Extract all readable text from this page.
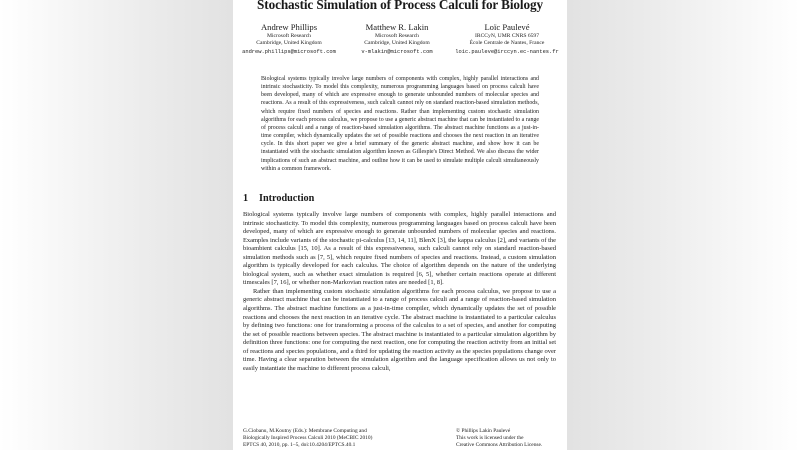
Stochastic Simulation of Process Calculi for Biology
Andrew Phillips
Microsoft Research
Cambridge, United Kingdom
andrew.phillips@microsoft.com
Matthew R. Lakin
Microsoft Research
Cambridge, United Kingdom
v-mlakin@microsoft.com
Loïc Paulevé
IRCCyN, UMR CNRS 6597
École Centrale de Nantes, France
loic.pauleve@irccyn.ec-nantes.fr

Biological systems typically involve large numbers of components with complex, highly parallel interactions and intrinsic stochasticity. To model this complexity, numerous programming languages based on process calculi have been developed, many of which are expressive enough to generate unbounded numbers of molecular species and reactions. As a result of this expressiveness, such calculi cannot rely on standard reaction-based simulation methods, which require fixed numbers of species and reactions. Rather than implementing custom stochastic simulation algorithms for each process calculus, we propose to use a generic abstract machine that can be instantiated to a range of process calculi and a range of reaction-based simulation algorithms. The abstract machine functions as a just-in-time compiler, which dynamically updates the set of possible reactions and chooses the next reaction in an iterative cycle. In this short paper we give a brief summary of the generic abstract machine, and show how it can be instantiated with the stochastic simulation algorithm known as Gillespie's Direct Method. We also discuss the wider implications of such an abstract machine, and outline how it can be used to simulate multiple calculi simultaneously within a common framework.

1 Introduction

Biological systems typically involve large numbers of components with complex, highly parallel interactions and intrinsic stochasticity. To model this complexity, numerous programming languages based on process calculi have been developed, many of which are expressive enough to generate unbounded numbers of molecular species and reactions. Examples include variants of the stochastic pi-calculus [13, 14, 11], BlenX [3], the kappa calculus [2], and variants of the bioambient calculus [15, 10]. As a result of this expressiveness, such calculi cannot rely on standard reaction-based simulation methods such as [7, 5], which require fixed numbers of species and reactions. Instead, a custom simulation algorithm is typically developed for each calculus. The choice of algorithm depends on the nature of the underlying biological system, such as whether exact simulation is required [6, 5], whether certain reactions operate at different timescales [7, 16], or whether non-Markovian reaction rates are needed [1, 8].

Rather than implementing custom stochastic simulation algorithms for each process calculus, we propose to use a generic abstract machine that can be instantiated to a range of process calculi and a range of reaction-based simulation algorithms. The abstract machine functions as a just-in-time compiler, which dynamically updates the set of possible reactions and chooses the next reaction in an iterative cycle. The abstract machine is instantiated to a particular calculus by defining two functions: one for transforming a process of the calculus to a set of species, and another for computing the set of possible reactions between species. The abstract machine is instantiated to a particular simulation algorithm by definition three functions: one for computing the next reaction, one for computing the reaction activity from an initial set of reactions and species populations, and a third for updating the reaction activity as the species populations change over time. Having a clear separation between the simulation algorithm and the language specification allows us not only to easily instantiate the machine to different process calculi,

G.Ciobanu, M.Koutny (Eds.): Membrane Computing and
Biologically Inspired Process Calculi 2010 (MeCBIC 2010)
EPTCS 40, 2010, pp. 1–5, doi:10.4204/EPTCS.40.1
© Phillips Lakin Paulevé
This work is licensed under the
Creative Commons Attribution License.
